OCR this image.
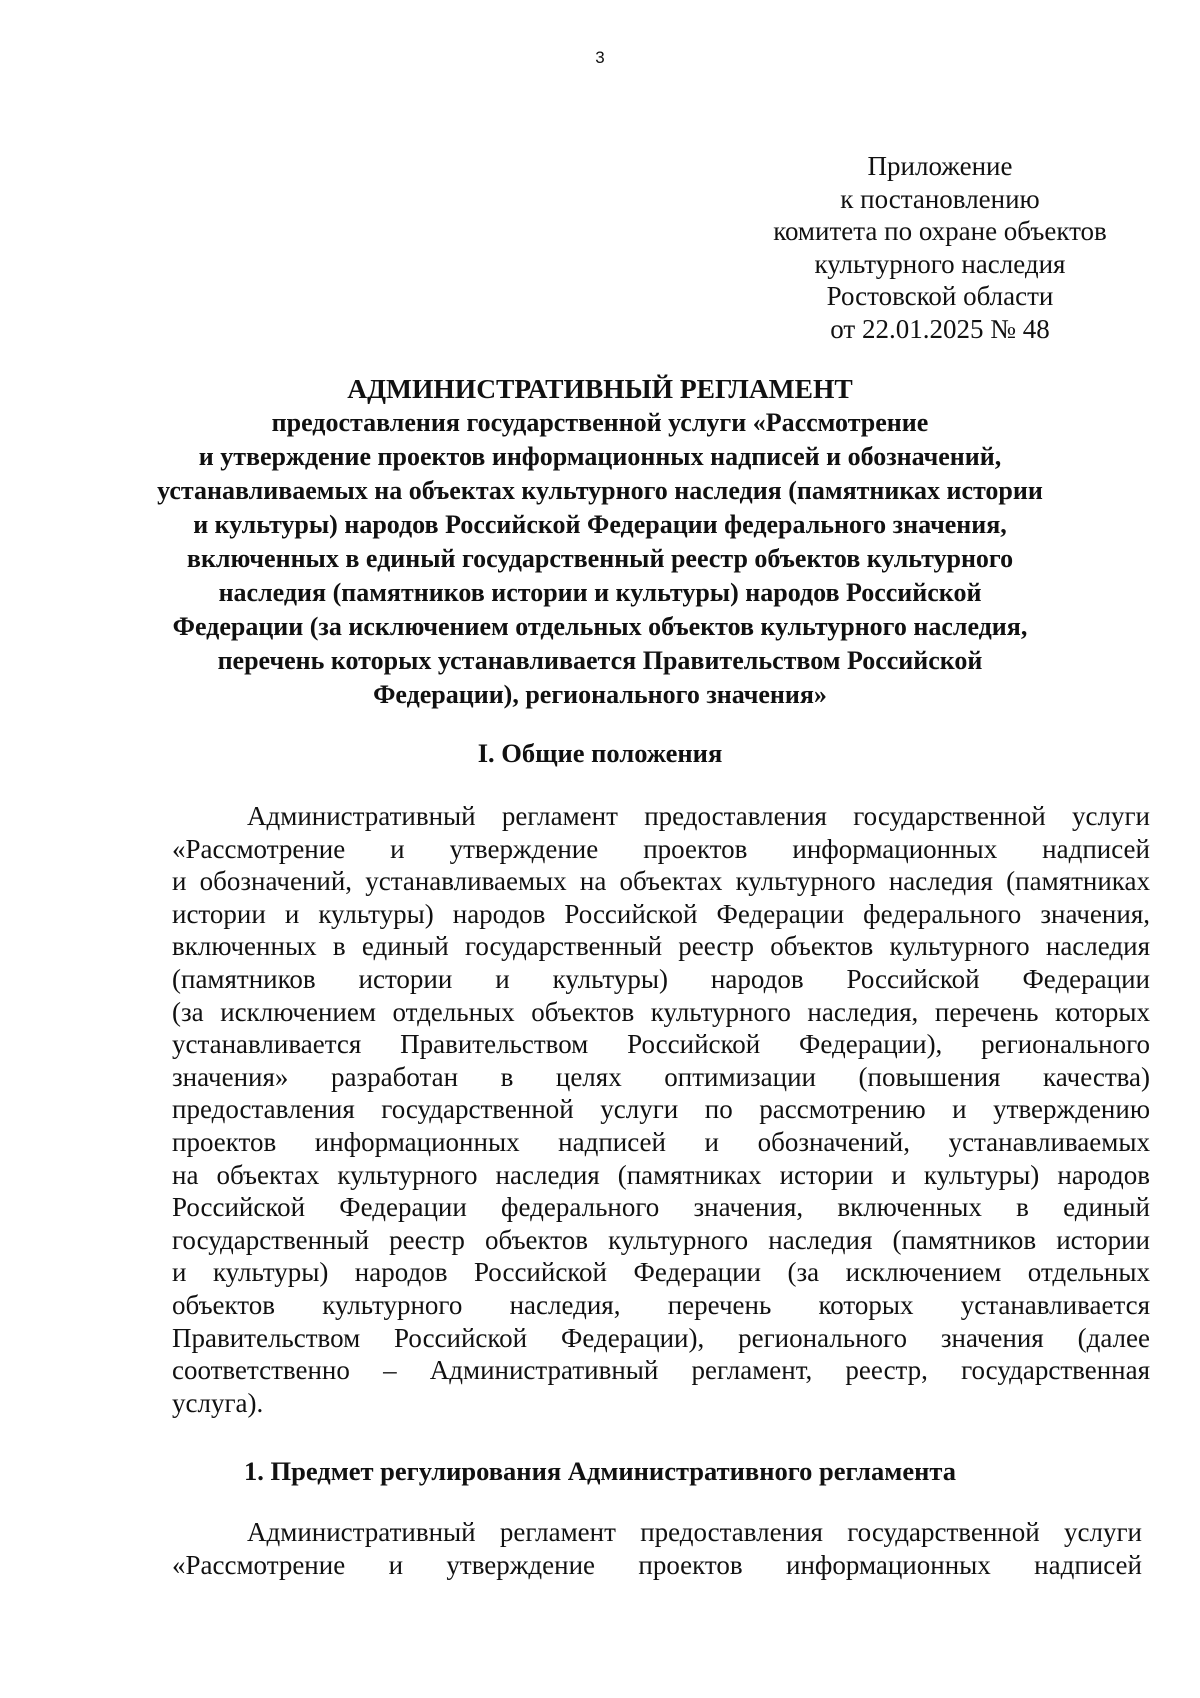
3
Приложение
к постановлению
комитета по охране объектов
культурного наследия
Ростовской области
от 22.01.2025 № 48
АДМИНИСТРАТИВНЫЙ РЕГЛАМЕНТ
предоставления государственной услуги «Рассмотрение
и утверждение проектов информационных надписей и обозначений,
устанавливаемых на объектах культурного наследия (памятниках истории
и культуры) народов Российской Федерации федерального значения,
включенных в единый государственный реестр объектов культурного
наследия (памятников истории и культуры) народов Российской
Федерации (за исключением отдельных объектов культурного наследия,
перечень которых устанавливается Правительством Российской
Федерации), регионального значения»
I. Общие положения
Административный регламент предоставления государственной услуги
«Рассмотрение и утверждение проектов информационных надписей
и обозначений, устанавливаемых на объектах культурного наследия (памятниках
истории и культуры) народов Российской Федерации федерального значения,
включенных в единый государственный реестр объектов культурного наследия
(памятников истории и культуры) народов Российской Федерации
(за исключением отдельных объектов культурного наследия, перечень которых
устанавливается Правительством Российской Федерации), регионального
значения» разработан в целях оптимизации (повышения качества)
предоставления государственной услуги по рассмотрению и утверждению
проектов информационных надписей и обозначений, устанавливаемых
на объектах культурного наследия (памятниках истории и культуры) народов
Российской Федерации федерального значения, включенных в единый
государственный реестр объектов культурного наследия (памятников истории
и культуры) народов Российской Федерации (за исключением отдельных
объектов культурного наследия, перечень которых устанавливается
Правительством Российской Федерации), регионального значения (далее
соответственно – Административный регламент, реестр, государственная
услуга).
1. Предмет регулирования Административного регламента
Административный регламент предоставления государственной услуги
«Рассмотрение и утверждение проектов информационных надписей
